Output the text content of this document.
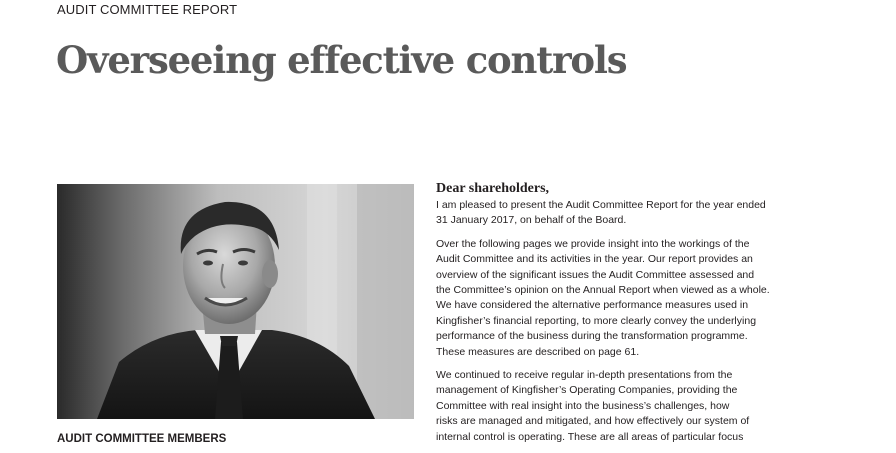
AUDIT COMMITTEE REPORT
Overseeing effective controls
AUDIT COMMITTEE MEMBERS

Dear shareholders,

I am pleased to present the Audit Committee Report for the year ended
31 January 2017, on behalf of the Board.

Over the following pages we provide insight into the workings of the
Audit Committee and its activities in the year. Our report provides an
overview of the significant issues the Audit Committee assessed and
the Committee’s opinion on the Annual Report when viewed as a whole.
We have considered the alternative performance measures used in
Kingfisher’s financial reporting, to more clearly convey the underlying
performance of the business during the transformation programme.
These measures are described on page 61.

We continued to receive regular in-depth presentations from the
management of Kingfisher’s Operating Companies, providing the
Committee with real insight into the business’s challenges, how
risks are managed and mitigated, and how effectively our system of
internal control is operating. These are all areas of particular focus
